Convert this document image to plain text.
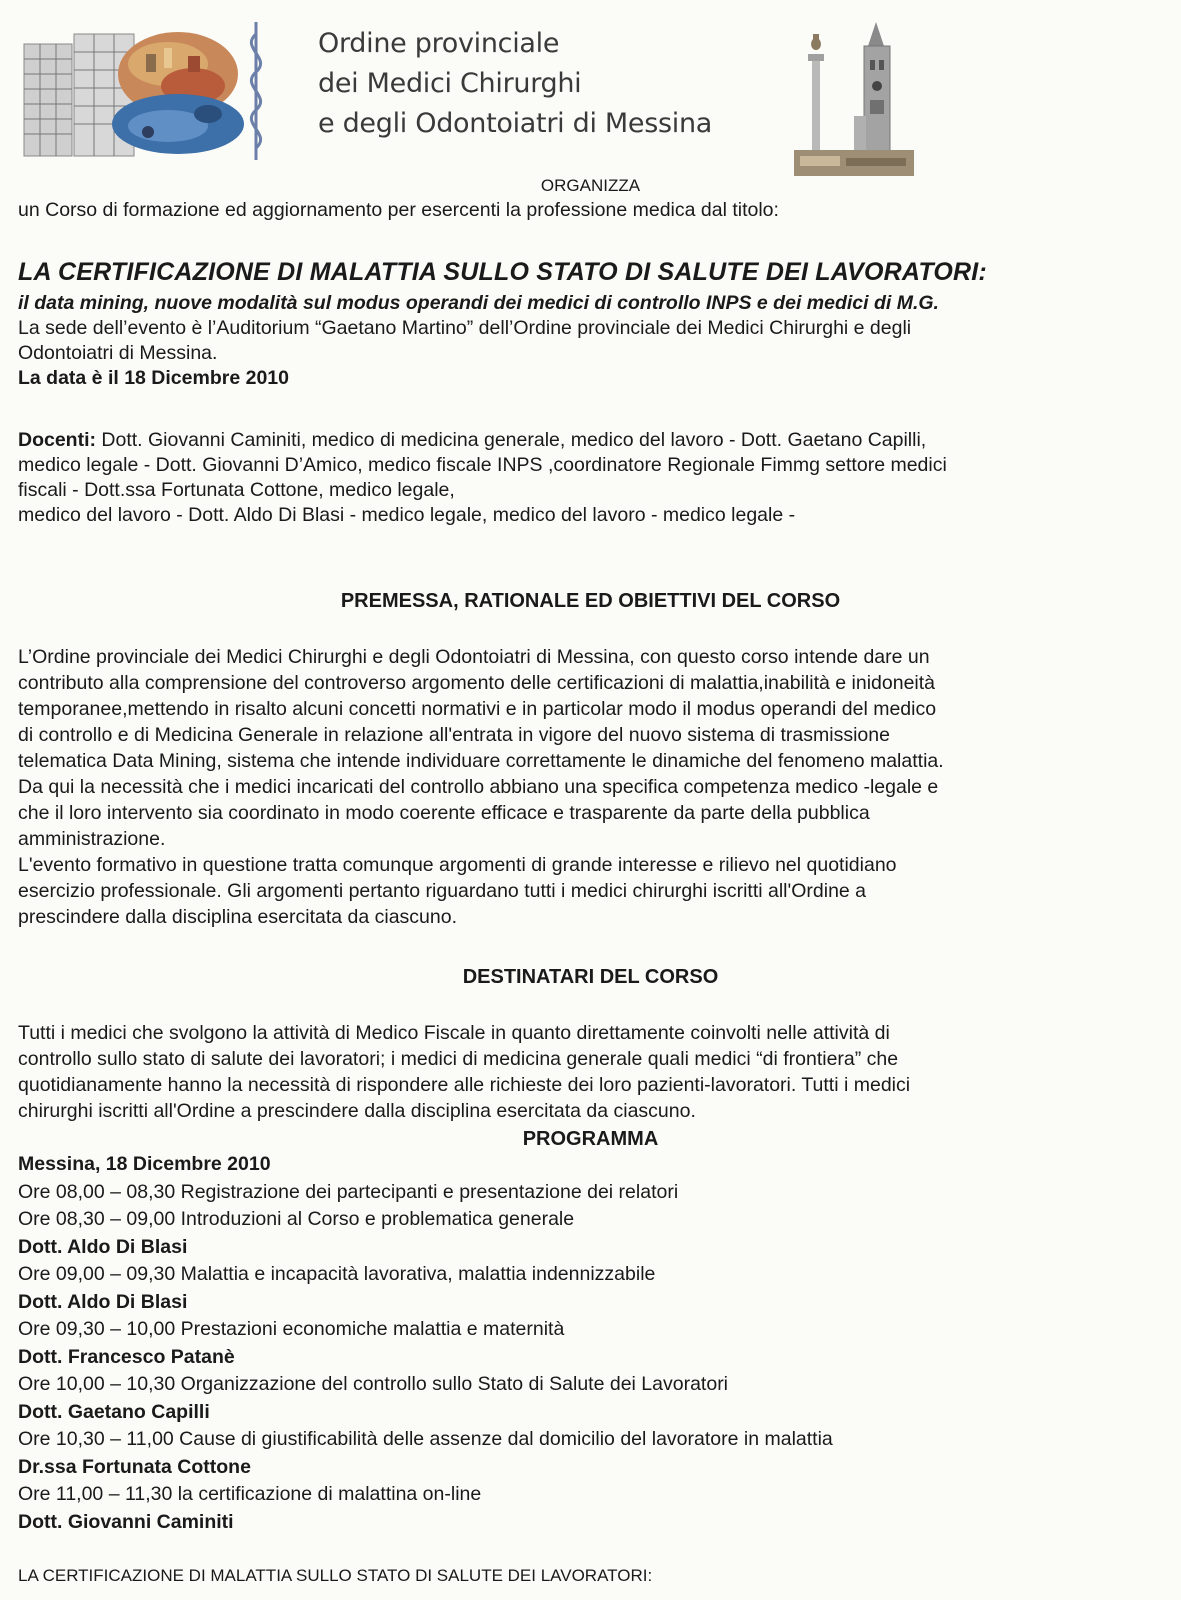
Ordine provinciale
dei Medici Chirurghi
e degli Odontoiatri di Messina
ORGANIZZA
un Corso di formazione ed aggiornamento per esercenti la professione medica dal titolo:
LA CERTIFICAZIONE DI MALATTIA SULLO STATO DI SALUTE DEI LAVORATORI:
il data mining, nuove modalità sul modus operandi dei medici di controllo INPS e dei medici di M.G.
La sede dell’evento è l’Auditorium “Gaetano Martino” dell’Ordine provinciale dei Medici Chirurghi e degli
Odontoiatri di Messina.
La data è il 18 Dicembre 2010
Docenti: Dott. Giovanni Caminiti, medico di medicina generale, medico del lavoro - Dott. Gaetano Capilli,
medico legale - Dott. Giovanni D’Amico, medico fiscale INPS ,coordinatore Regionale Fimmg settore medici
fiscali - Dott.ssa Fortunata Cottone, medico legale,
medico del lavoro - Dott. Aldo Di Blasi - medico legale, medico del lavoro - medico legale -
PREMESSA, RATIONALE ED OBIETTIVI DEL CORSO
L’Ordine provinciale dei Medici Chirurghi e degli Odontoiatri di Messina, con questo corso intende dare un
contributo alla comprensione del controverso argomento delle certificazioni di malattia,inabilità e inidoneità
temporanee,mettendo in risalto alcuni concetti normativi e in particolar modo il modus operandi del medico
di controllo e di Medicina Generale in relazione all'entrata in vigore del nuovo sistema di trasmissione
telematica Data Mining, sistema che intende individuare correttamente le dinamiche del fenomeno malattia.
Da qui la necessità che i medici incaricati del controllo abbiano una specifica competenza medico -legale e
che il loro intervento sia coordinato in modo coerente efficace e trasparente da parte della pubblica
amministrazione.
L'evento formativo in questione tratta comunque argomenti di grande interesse e rilievo nel quotidiano
esercizio professionale. Gli argomenti pertanto riguardano tutti i medici chirurghi iscritti all'Ordine a
prescindere dalla disciplina esercitata da ciascuno.
DESTINATARI DEL CORSO
Tutti i medici che svolgono la attività di Medico Fiscale in quanto direttamente coinvolti nelle attività di
controllo sullo stato di salute dei lavoratori; i medici di medicina generale quali medici “di frontiera” che
quotidianamente hanno la necessità di rispondere alle richieste dei loro pazienti-lavoratori. Tutti i medici
chirurghi iscritti all'Ordine a prescindere dalla disciplina esercitata da ciascuno.
PROGRAMMA
Messina, 18 Dicembre 2010
Ore 08,00 – 08,30 Registrazione dei partecipanti e presentazione dei relatori
Ore 08,30 – 09,00 Introduzioni al Corso e problematica generale
Dott. Aldo Di Blasi
Ore 09,00 – 09,30 Malattia e incapacità lavorativa, malattia indennizzabile
Dott. Aldo Di Blasi
Ore 09,30 – 10,00 Prestazioni economiche malattia e maternità
Dott. Francesco Patanè
Ore 10,00 – 10,30 Organizzazione del controllo sullo Stato di Salute dei Lavoratori
Dott. Gaetano Capilli
Ore 10,30 – 11,00 Cause di giustificabilità delle assenze dal domicilio del lavoratore in malattia
Dr.ssa Fortunata Cottone
Ore 11,00 – 11,30 la certificazione di malattina on-line
Dott. Giovanni Caminiti
LA CERTIFICAZIONE DI MALATTIA SULLO STATO DI SALUTE DEI LAVORATORI:
